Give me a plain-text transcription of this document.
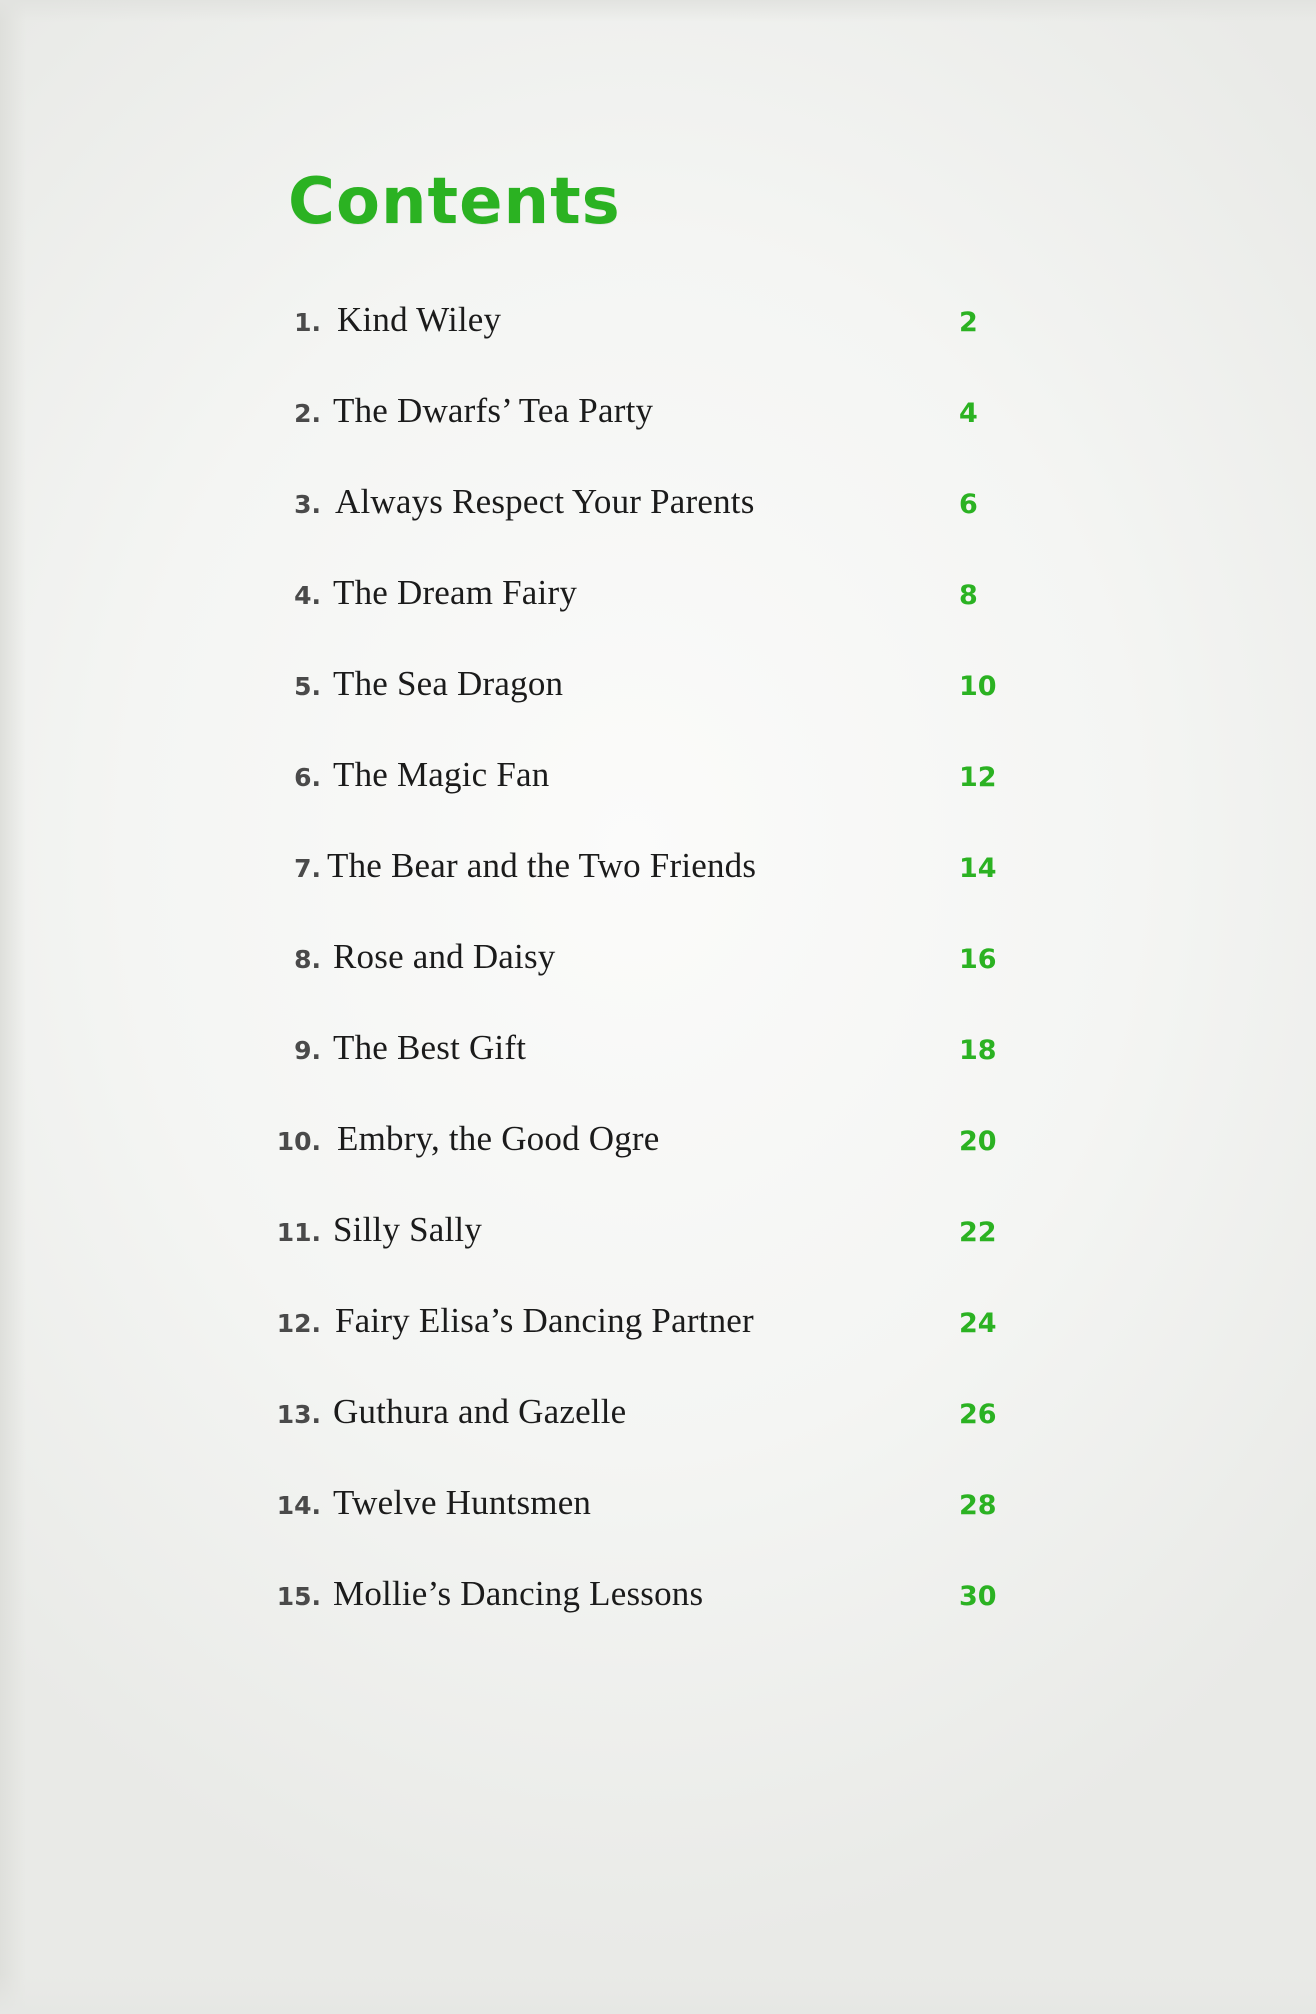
Contents
1. Kind Wiley	2
2. The Dwarfs’ Tea Party	4
3. Always Respect Your Parents	6
4. The Dream Fairy	8
5. The Sea Dragon	10
6. The Magic Fan	12
7. The Bear and the Two Friends	14
8. Rose and Daisy	16
9. The Best Gift	18
10. Embry, the Good Ogre	20
11. Silly Sally	22
12. Fairy Elisa’s Dancing Partner	24
13. Guthura and Gazelle	26
14. Twelve Huntsmen	28
15. Mollie’s Dancing Lessons	30
